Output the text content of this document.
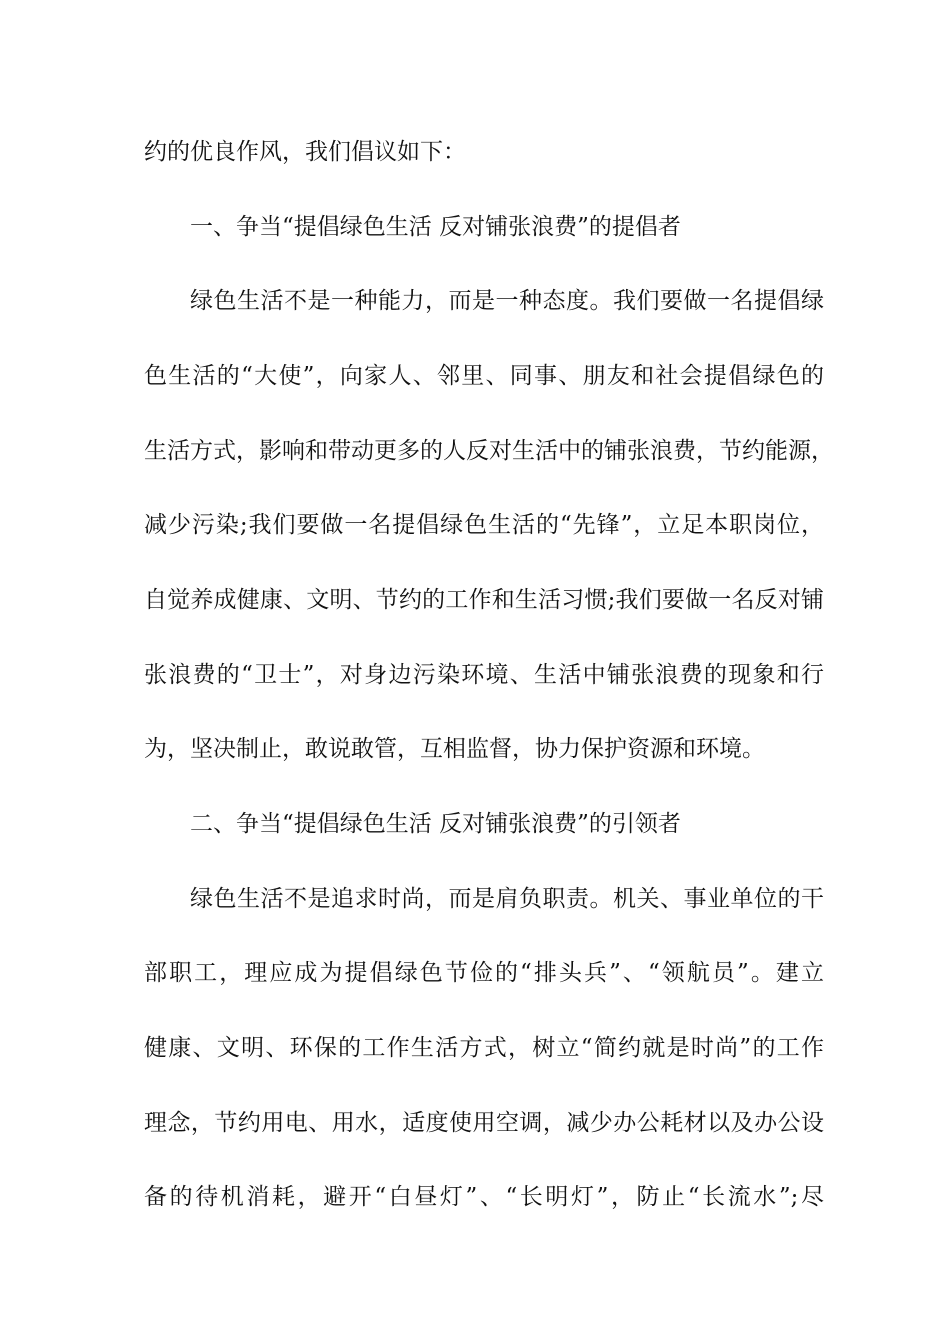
约的优良作风，我们倡议如下：
一、争当“提倡绿色生活 反对铺张浪费”的提倡者
绿色生活不是一种能力，而是一种态度。我们要做一名提倡绿
色生活的“大使”，向家人、邻里、同事、朋友和社会提倡绿色的
生活方式，影响和带动更多的人反对生活中的铺张浪费，节约能源，
减少污染;我们要做一名提倡绿色生活的“先锋”，立足本职岗位，
自觉养成健康、文明、节约的工作和生活习惯;我们要做一名反对铺
张浪费的“卫士”，对身边污染环境、生活中铺张浪费的现象和行
为，坚决制止，敢说敢管，互相监督，协力保护资源和环境。
二、争当“提倡绿色生活 反对铺张浪费”的引领者
绿色生活不是追求时尚，而是肩负职责。机关、事业单位的干
部职工，理应成为提倡绿色节俭的“排头兵”、“领航员”。建立
健康、文明、环保的工作生活方式，树立“简约就是时尚”的工作
理念，节约用电、用水，适度使用空调，减少办公耗材以及办公设
备的待机消耗，避开“白昼灯”、“长明灯”，防止“长流水”;尽
